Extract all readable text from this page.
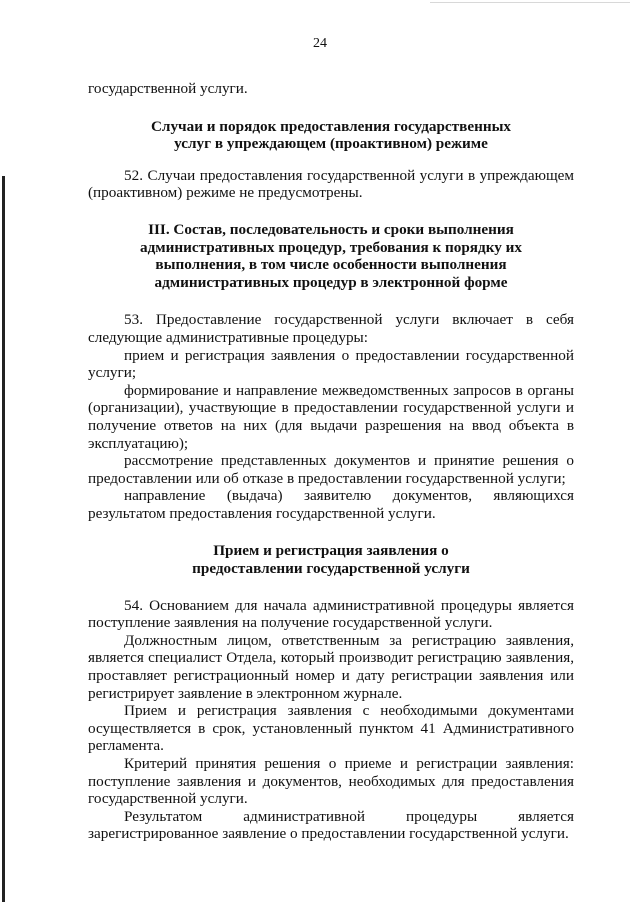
24

государственной услуги.

Случаи и порядок предоставления государственных услуг в упреждающем (проактивном) режиме

52. Случаи предоставления государственной услуги в упреждающем (проактивном) режиме не предусмотрены.

III. Состав, последовательность и сроки выполнения административных процедур, требования к порядку их выполнения, в том числе особенности выполнения административных процедур в электронной форме

53. Предоставление государственной услуги включает в себя следующие административные процедуры:

прием и регистрация заявления о предоставлении государственной услуги;

формирование и направление межведомственных запросов в органы (организации), участвующие в предоставлении государственной услуги и получение ответов на них (для выдачи разрешения на ввод объекта в эксплуатацию);

рассмотрение представленных документов и принятие решения о предоставлении или об отказе в предоставлении государственной услуги;

направление (выдача) заявителю документов, являющихся результатом предоставления государственной услуги.

Прием и регистрация заявления о предоставлении государственной услуги

54. Основанием для начала административной процедуры является поступление заявления на получение государственной услуги.

Должностным лицом, ответственным за регистрацию заявления, является специалист Отдела, который производит регистрацию заявления, проставляет регистрационный номер и дату регистрации заявления или регистрирует заявление в электронном журнале.

Прием и регистрация заявления с необходимыми документами осуществляется в срок, установленный пунктом 41 Административного регламента.

Критерий принятия решения о приеме и регистрации заявления: поступление заявления и документов, необходимых для предоставления государственной услуги.

Результатом административной процедуры является зарегистрированное заявление о предоставлении государственной услуги.
